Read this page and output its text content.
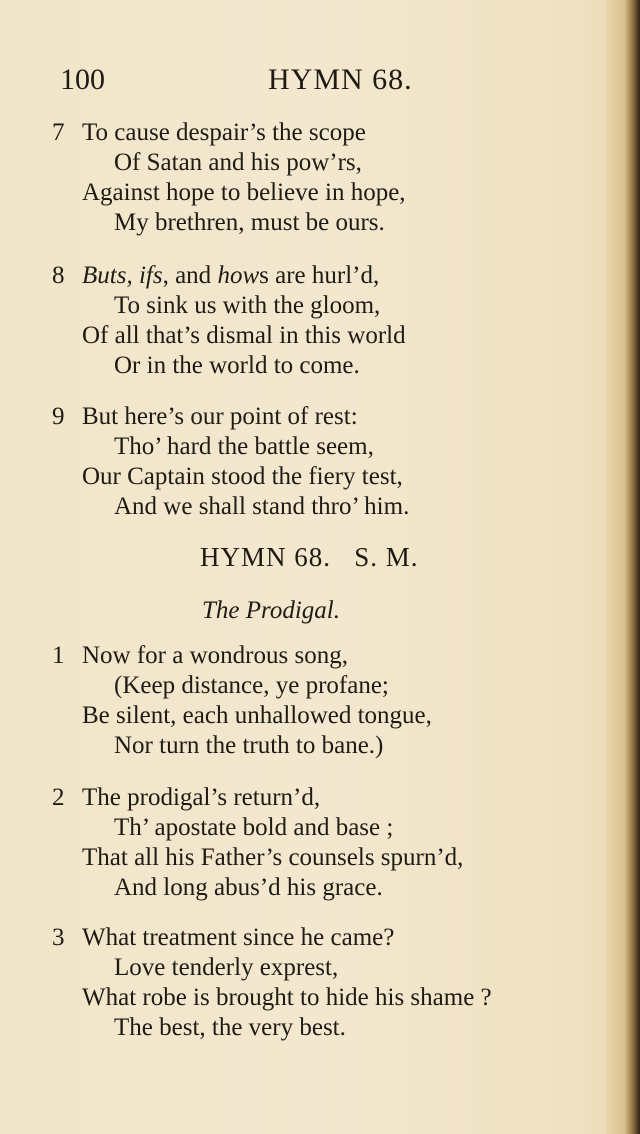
100	HYMN 68.
7 To cause despair’s the scope
Of Satan and his pow’rs,
Against hope to believe in hope,
My brethren, must be ours.
8 Buts, ifs, and hows are hurl’d,
To sink us with the gloom,
Of all that’s dismal in this world
Or in the world to come.
9 But here’s our point of rest:
Tho’ hard the battle seem,
Our Captain stood the fiery test,
And we shall stand thro’ him.
HYMN 68.   S. M.
The Prodigal.
1 Now for a wondrous song,
(Keep distance, ye profane;
Be silent, each unhallowed tongue,
Nor turn the truth to bane.)
2 The prodigal’s return’d,
Th’ apostate bold and base ;
That all his Father’s counsels spurn’d,
And long abus’d his grace.
3 What treatment since he came?
Love tenderly exprest,
What robe is brought to hide his shame ?
The best, the very best.
